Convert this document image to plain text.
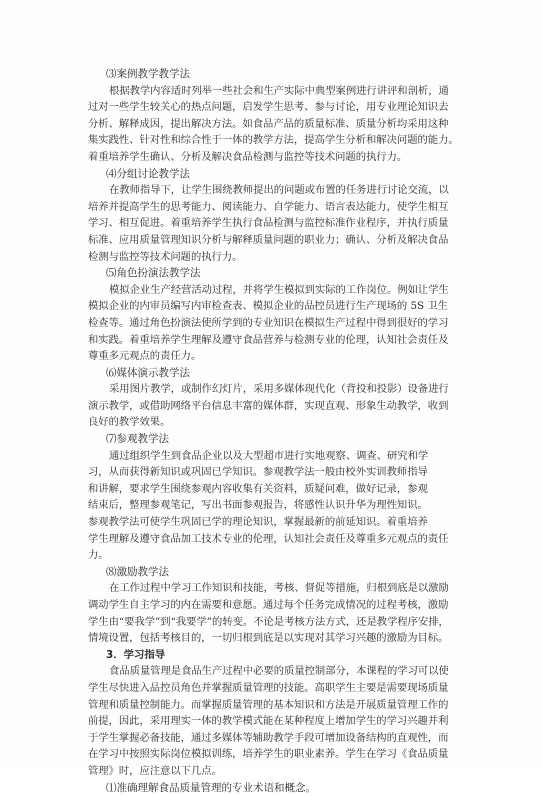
⑶案例教学教学法
根据教学内容适时列举一些社会和生产实际中典型案例进行讲评和剖析，通
过对一些学生较关心的热点问题，启发学生思考、参与讨论，用专业理论知识去
分析、解释成因，提出解决方法。如食品产品的质量标准、质量分析均采用这种
集实践性、针对性和综合性于一体的教学方法，提高学生分析和解决问题的能力。
着重培养学生确认、分析及解决食品检测与监控等技术问题的执行力。
⑷分组讨论教学法
在教师指导下，让学生围绕教师提出的问题或布置的任务进行讨论交流，以
培养并提高学生的思考能力、阅读能力、自学能力、语言表达能力，使学生相互
学习、相互促进。着重培养学生执行食品检测与监控标准作业程序，并执行质量
标准、应用质量管理知识分析与解释质量问题的职业力；确认、分析及解决食品
检测与监控等技术问题的执行力。
⑸角色扮演法教学法
模拟企业生产经营活动过程，并将学生模拟到实际的工作岗位。例如让学生
模拟企业的内审员编写内审检查表、模拟企业的品控员进行生产现场的 5S 卫生
检查等。通过角色扮演法使所学到的专业知识在模拟生产过程中得到很好的学习
和实践。着重培养学生理解及遵守食品营养与检测专业的伦理，认知社会责任及
尊重多元观点的责任力。
⑹媒体演示教学法
采用图片教学，或制作幻灯片，采用多媒体现代化（背投和投影）设备进行
演示教学，或借助网络平台信息丰富的媒体群，实现直观、形象生动教学，收到
良好的教学效果。
⑺参观教学法
通过组织学生到食品企业以及大型超市进行实地观察、调查、研究和学
习，从而获得新知识或巩固已学知识。参观教学法一般由校外实训教师指导
和讲解，要求学生围绕参观内容收集有关资料，质疑问难，做好记录，参观
结束后，整理参观笔记，写出书面参观报告，将感性认识升华为理性知识。
参观教学法可使学生巩固已学的理论知识，掌握最新的前延知识。着重培养
学生理解及遵守食品加工技术专业的伦理，认知社会责任及尊重多元观点的责任
力。
⑻激励教学法
在工作过程中学习工作知识和技能，考核、督促等措施，归根到底是以激励
调动学生自主学习的内在需要和意愿。通过每个任务完成情况的过程考核，激励
学生由“要我学”到“我要学”的转变。不论是考核方法方式，还是教学程序安排，
情境设置，包括考核目的，一切归根到底是以实现对其学习兴趣的激励为目标。
3．学习指导
食品质量管理是食品生产过程中必要的质量控制部分，本课程的学习可以使
学生尽快进入品控员角色并掌握质量管理的技能。高职学生主要是需要现场质量
管理和质量控制能力。而掌握质量管理的基本知识和方法是开展质量管理工作的
前提，因此，采用理实一体的教学模式能在某种程度上增加学生的学习兴趣并利
于学生掌握必备技能，通过多媒体等辅助教学手段可增加设备结构的直观性，而
在学习中按照实际岗位模拟训练，培养学生的职业素养。学生在学习《食品质量
管理》时，应注意以下几点。
⑴准确理解食品质量管理的专业术语和概念。
